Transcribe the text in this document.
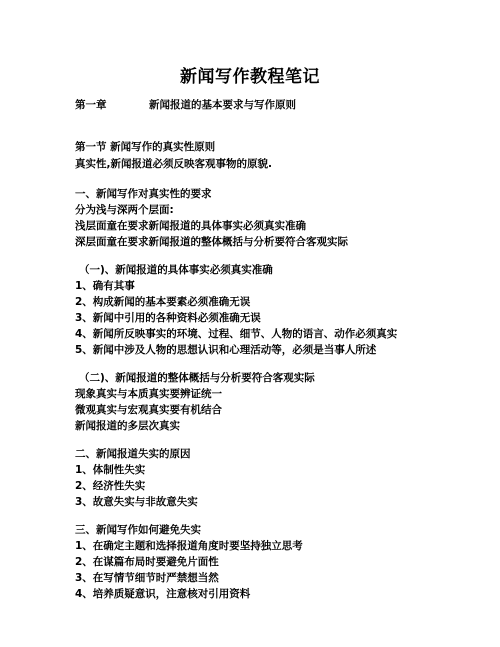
新闻写作教程笔记
第一章	新闻报道的基本要求与写作原则
第一节 新闻写作的真实性原则
真实性,新闻报道必须反映客观事物的原貌.
一、新闻写作对真实性的要求
分为浅与深两个层面:
浅层面童在要求新闻报道的具体事实必须真实准确
深层面童在要求新闻报道的整体概括与分析要符合客观实际
（一)、新闻报道的具体事实必须真实准确
1、确有其事
2、构成新闻的基本要素必须准确无误
3、新闻中引用的各种资料必须准确无误
4、新闻所反映事实的环境、过程、细节、人物的语言、动作必须真实
5、新闻中涉及人物的思想认识和心理活动等，必须是当事人所述
（二)、新闻报道的整体概括与分析要符合客观实际
现象真实与本质真实要辨证统一
微观真实与宏观真实要有机结合
新闻报道的多层次真实
二、新闻报道失实的原因
1、体制性失实
2、经济性失实
3、故意失实与非故意失实
三、新闻写作如何避免失实
1、在确定主题和选择报道角度时要坚持独立思考
2、在谋篇布局时要避免片面性
3、在写情节细节时严禁想当然
4、培养质疑意识，注意核对引用资料
